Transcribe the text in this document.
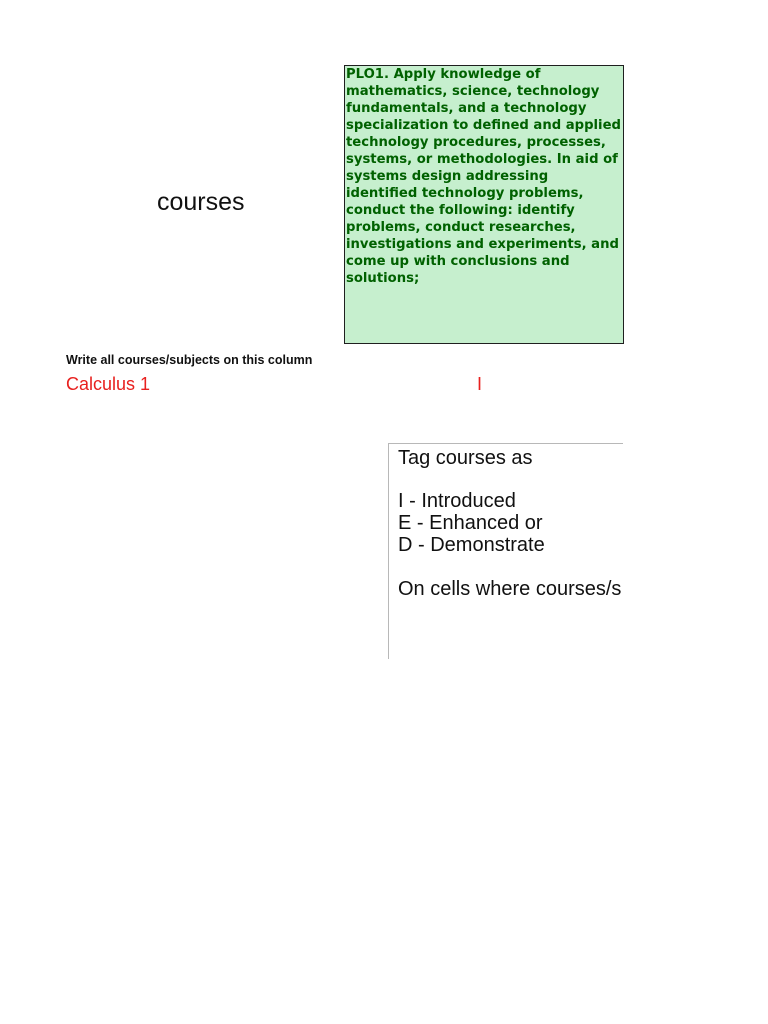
courses
PLO1. Apply knowledge of mathematics, science, technology fundamentals, and a technology specialization to defined and applied technology procedures, processes, systems, or methodologies. In aid of systems design addressing identified technology problems, conduct the following: identify problems, conduct researches, investigations and experiments, and come up with conclusions and solutions;
Write all courses/subjects on this column
Calculus 1	I
Tag courses as
I - Introduced
E - Enhanced or
D - Demonstrate
On cells where courses/s
